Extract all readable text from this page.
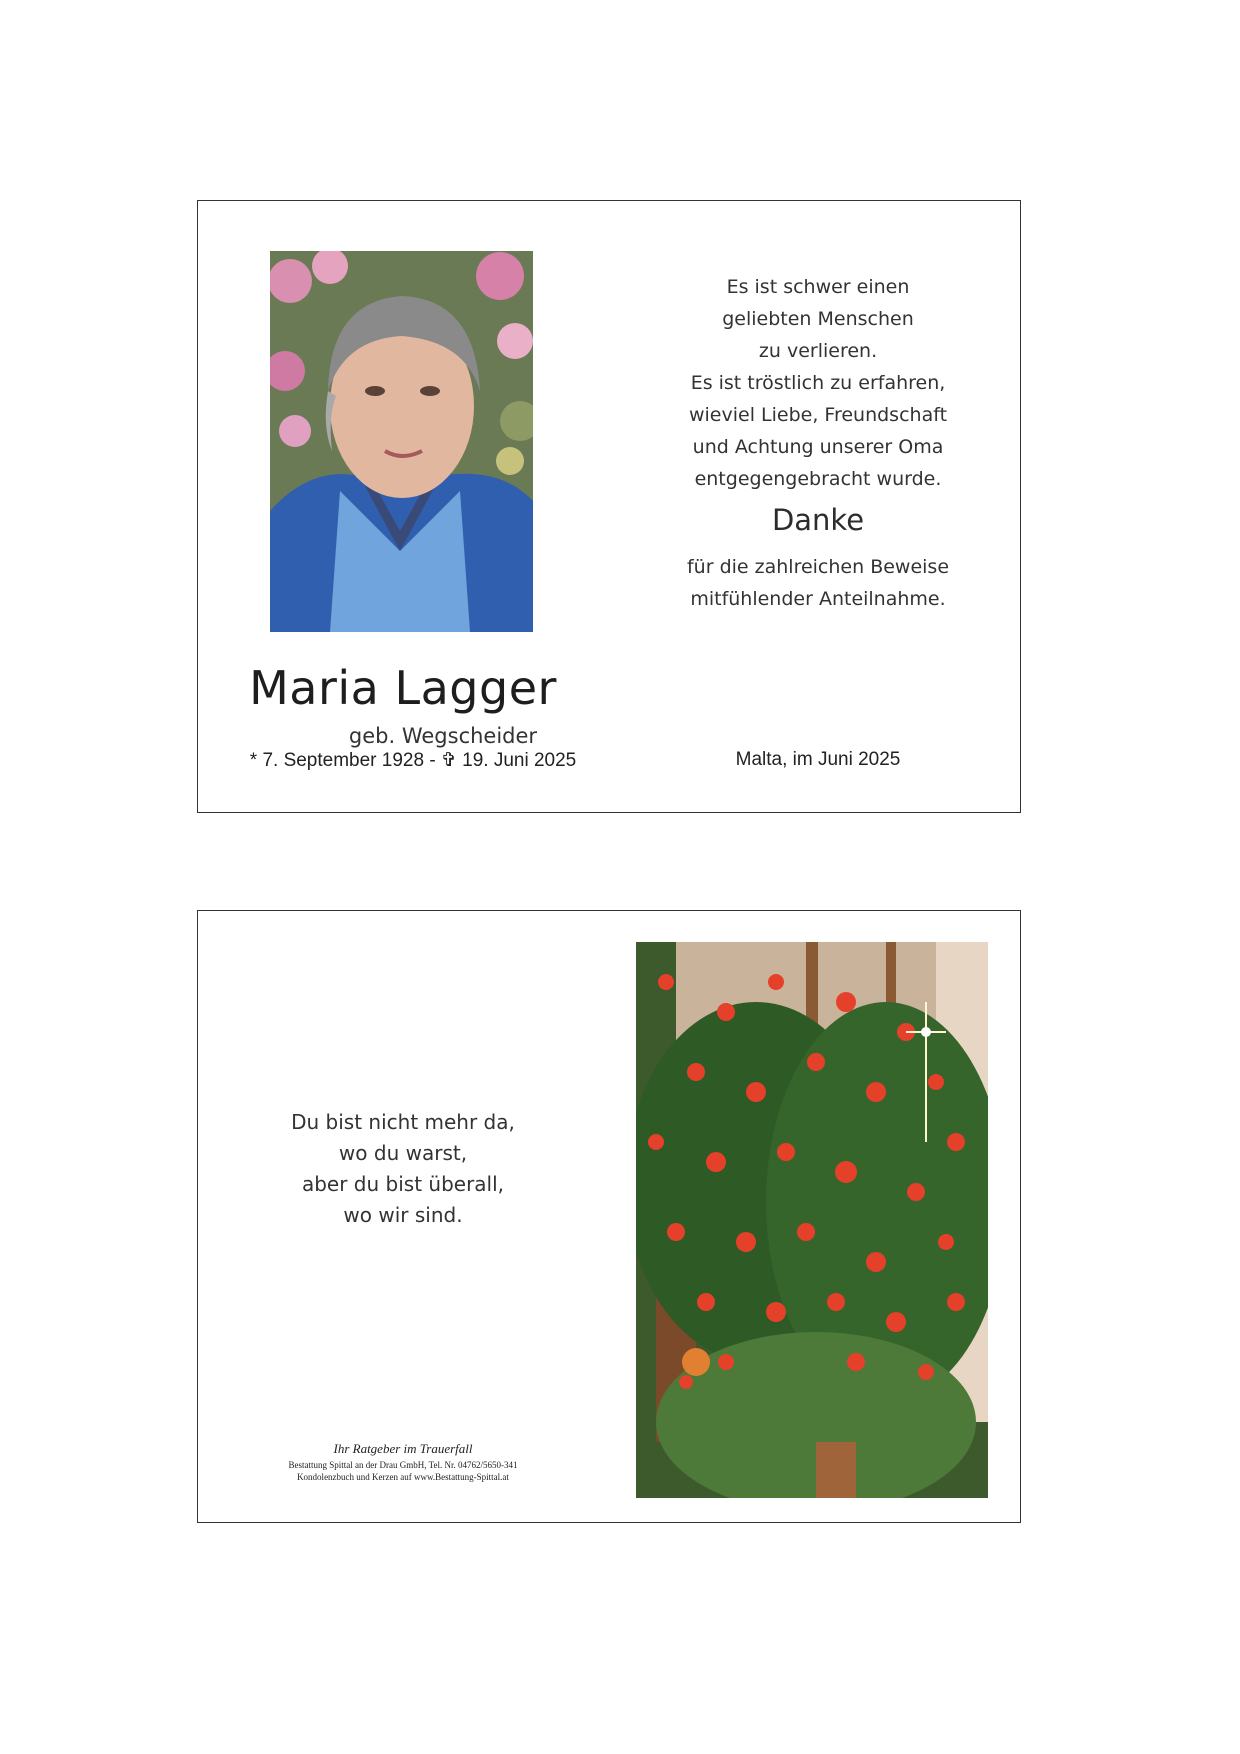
Es ist schwer einen
geliebten Menschen
zu verlieren.
Es ist tröstlich zu erfahren,
wieviel Liebe, Freundschaft
und Achtung unserer Oma
entgegengebracht wurde.
Danke
für die zahlreichen Beweise
mitfühlender Anteilnahme.
Maria Lagger
geb. Wegscheider
* 7. September 1928 - ✞ 19. Juni 2025	Malta, im Juni 2025
Du bist nicht mehr da,
wo du warst,
aber du bist überall,
wo wir sind.
Ihr Ratgeber im Trauerfall
Bestattung Spittal an der Drau GmbH, Tel. Nr. 04762/5650-341
Kondolenzbuch und Kerzen auf www.Bestattung-Spittal.at
